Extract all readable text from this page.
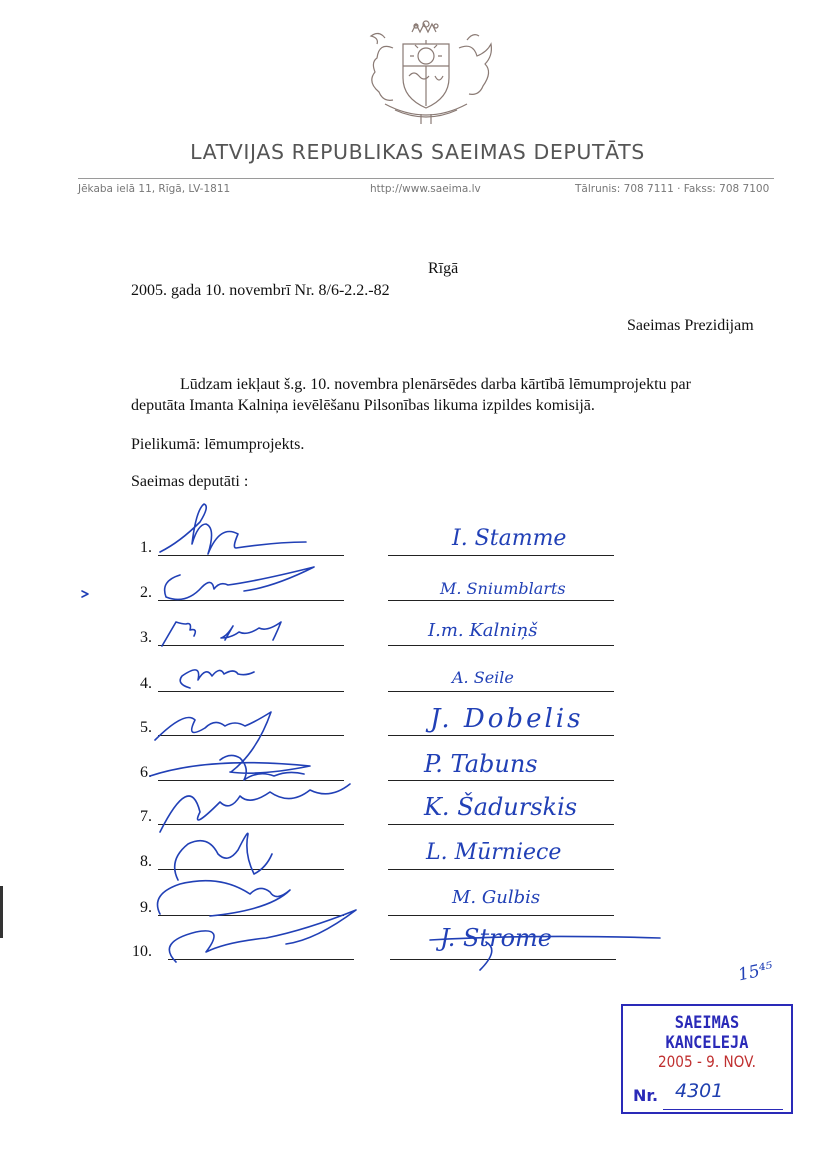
LATVIJAS REPUBLIKAS SAEIMAS DEPUTĀTS
Jēkaba ielā 11, Rīgā, LV-1811	http://www.saeima.lv	Tālrunis: 708 7111 · Fakss: 708 7100
Rīgā
2005. gada 10. novembrī Nr. 8/6-2.2.-82
Saeimas Prezidijam
Lūdzam iekļaut š.g. 10. novembra plenārsēdes darba kārtībā lēmumprojektu par
deputāta Imanta Kalniņa ievēlēšanu Pilsonības likuma izpildes komisijā.
Pielikumā: lēmumprojekts.
Saeimas deputāti :
1.	I. Stamme
2.	M. Sniumblarts
3.	I.m. Kalniņš
4.	A. Seile
5.	J. Dobelis
6.	P. Tabuns
7.	K. Šadurskis
8.	L. Mūrniece
9.	M. Gulbis
10.	J. Strome
15⁴⁵
SAEIMAS KANCELEJA
2005 - 9. NOV.
Nr. 4301
